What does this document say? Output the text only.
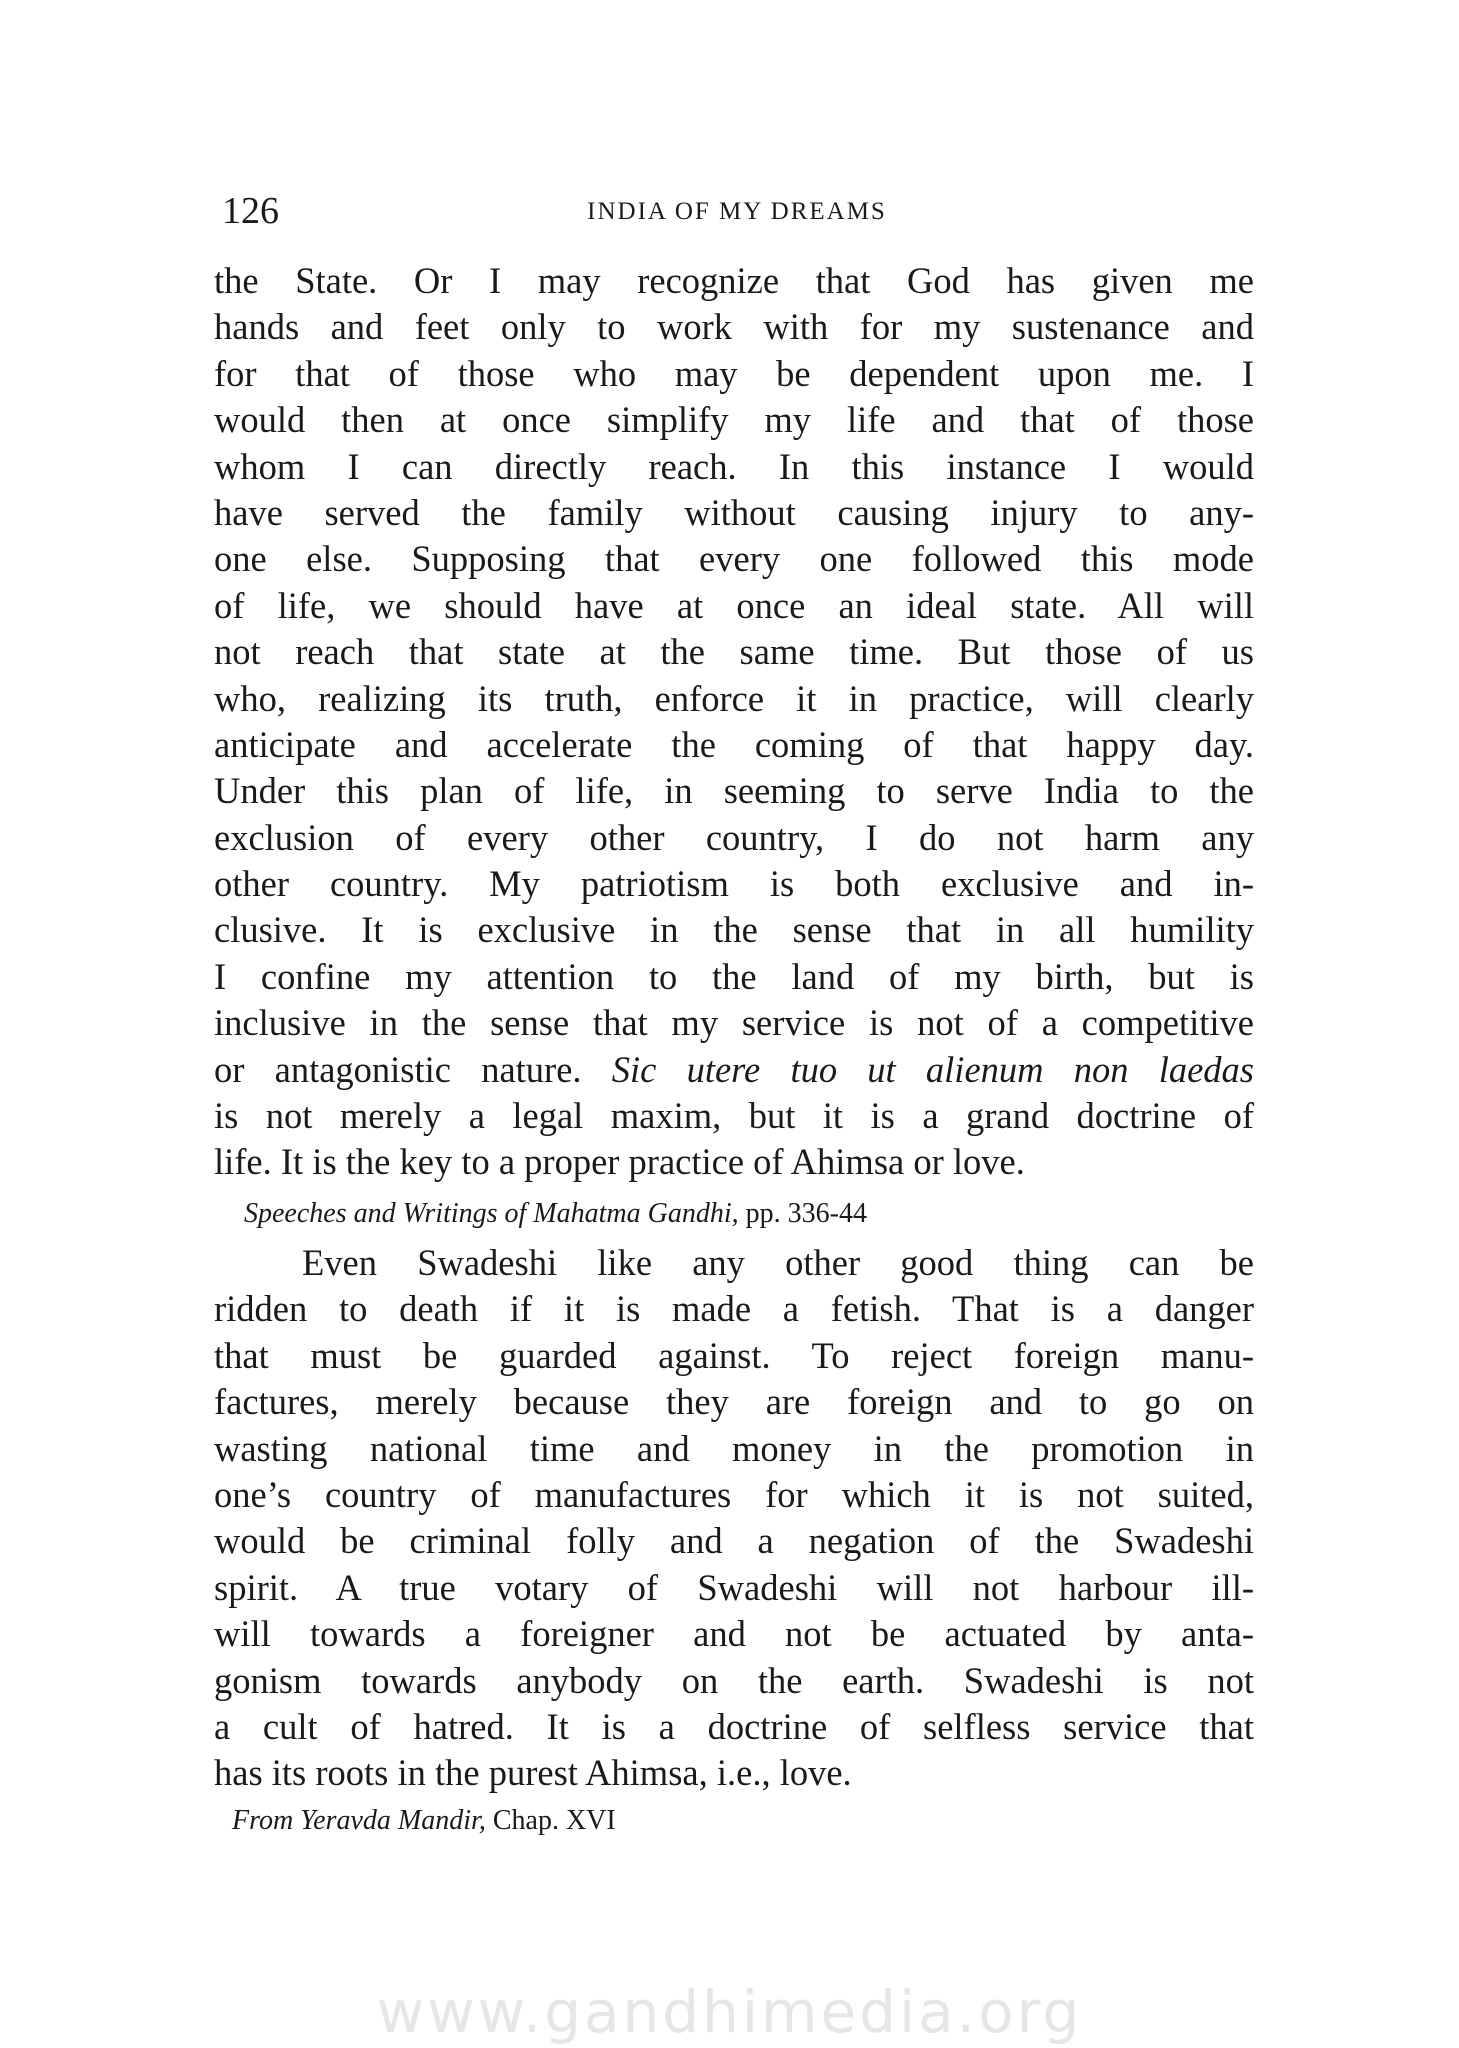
126	INDIA OF MY DREAMS
the State. Or I may recognize that God has given me
hands and feet only to work with for my sustenance and
for that of those who may be dependent upon me. I
would then at once simplify my life and that of those
whom I can directly reach. In this instance I would
have served the family without causing injury to any-
one else. Supposing that every one followed this mode
of life, we should have at once an ideal state. All will
not reach that state at the same time. But those of us
who, realizing its truth, enforce it in practice, will clearly
anticipate and accelerate the coming of that happy day.
Under this plan of life, in seeming to serve India to the
exclusion of every other country, I do not harm any
other country. My patriotism is both exclusive and in-
clusive. It is exclusive in the sense that in all humility
I confine my attention to the land of my birth, but is
inclusive in the sense that my service is not of a competitive
or antagonistic nature. Sic utere tuo ut alienum non laedas
is not merely a legal maxim, but it is a grand doctrine of
life. It is the key to a proper practice of Ahimsa or love.
Speeches and Writings of Mahatma Gandhi, pp. 336-44
Even Swadeshi like any other good thing can be
ridden to death if it is made a fetish. That is a danger
that must be guarded against. To reject foreign manu-
factures, merely because they are foreign and to go on
wasting national time and money in the promotion in
one’s country of manufactures for which it is not suited,
would be criminal folly and a negation of the Swadeshi
spirit. A true votary of Swadeshi will not harbour ill-
will towards a foreigner and not be actuated by anta-
gonism towards anybody on the earth. Swadeshi is not
a cult of hatred. It is a doctrine of selfless service that
has its roots in the purest Ahimsa, i.e., love.
From Yeravda Mandir, Chap. XVI
www.gandhimedia.org
